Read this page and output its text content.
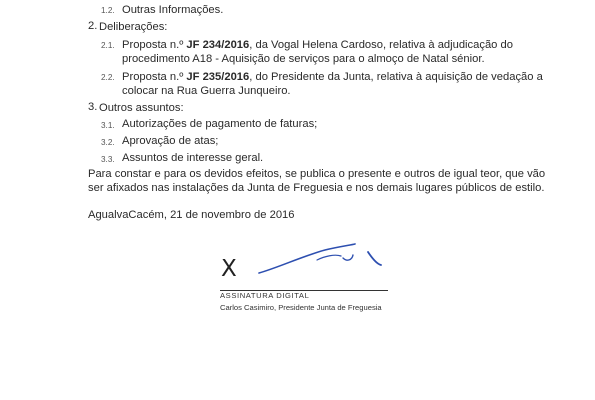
1.2. Outras Informações.
2. Deliberações:
2.1. Proposta n.º JF 234/2016, da Vogal Helena Cardoso, relativa à adjudicação do
procedimento A18 - Aquisição de serviços para o almoço de Natal sénior.
2.2. Proposta n.º JF 235/2016, do Presidente da Junta, relativa à aquisição de vedação a
colocar na Rua Guerra Junqueiro.
3. Outros assuntos:
3.1. Autorizações de pagamento de faturas;
3.2. Aprovação de atas;
3.3. Assuntos de interesse geral.
Para constar e para os devidos efeitos, se publica o presente e outros de igual teor, que vão
ser afixados nas instalações da Junta de Freguesia e nos demais lugares públicos de estilo.
AgualvaCacém, 21 de novembro de 2016
X
ASSINATURA DIGITAL
Carlos Casimiro, Presidente Junta de Freguesia
